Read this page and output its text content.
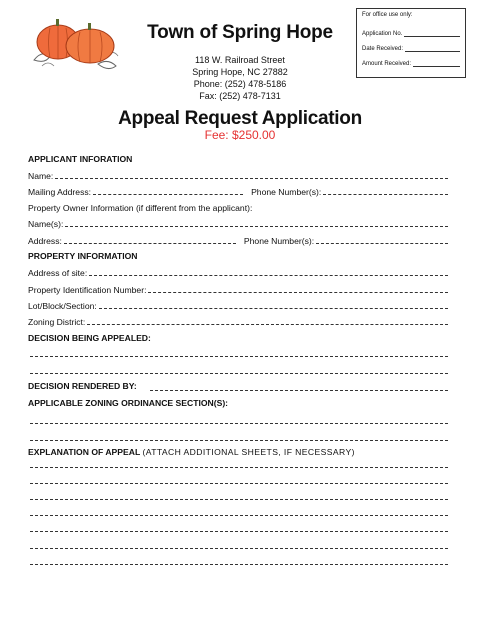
Town of Spring Hope
118 W. Railroad Street
Spring Hope, NC 27882
Phone: (252) 478-5186
Fax: (252) 478-7131
For office use only:
Application No.
Date Received:
Amount Received:
Appeal Request Application
Fee: $250.00
APPLICANT INFORATION
Name:
Mailing Address:	Phone Number(s):
Property Owner Information (if different from the applicant):
Name(s):
Address:	Phone Number(s):
PROPERTY INFORMATION
Address of site:
Property Identification Number:
Lot/Block/Section:
Zoning District:
DECISION BEING APPEALED:
DECISION RENDERED BY:
APPLICABLE ZONING ORDINANCE SECTION(S):
EXPLANATION OF APPEAL (ATTACH ADDITIONAL SHEETS, IF NECESSARY)
